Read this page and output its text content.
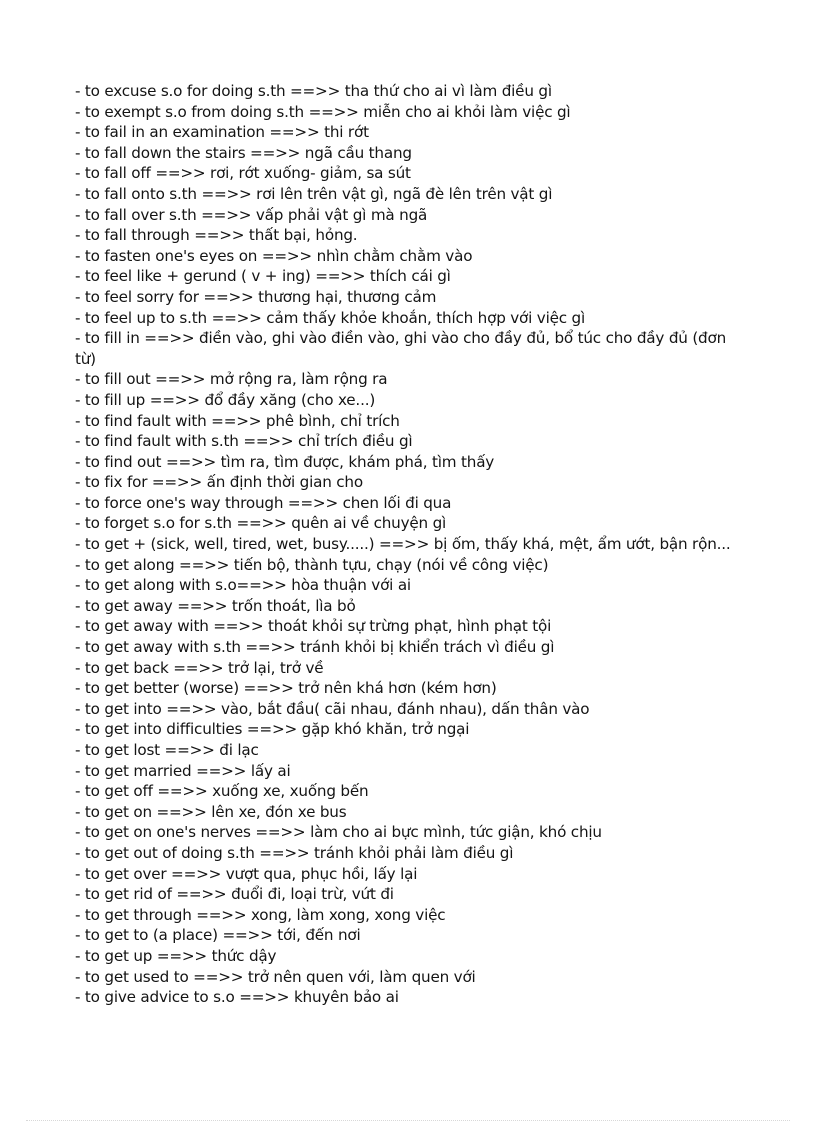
- to excuse s.o for doing s.th ==>> tha thứ cho ai vì làm điều gì
- to exempt s.o from doing s.th ==>> miễn cho ai khỏi làm việc gì
- to fail in an examination ==>> thi rớt
- to fall down the stairs ==>> ngã cầu thang
- to fall off ==>> rơi, rớt xuống- giảm, sa sút
- to fall onto s.th ==>> rơi lên trên vật gì, ngã đè lên trên vật gì
- to fall over s.th ==>> vấp phải vật gì mà ngã
- to fall through ==>> thất bại, hỏng.
- to fasten one's eyes on ==>> nhìn chằm chằm vào
- to feel like + gerund ( v + ing) ==>> thích cái gì
- to feel sorry for ==>> thương hại, thương cảm
- to feel up to s.th ==>> cảm thấy khỏe khoắn, thích hợp với việc gì
- to fill in ==>> điền vào, ghi vào điền vào, ghi vào cho đầy đủ, bổ túc cho đầy đủ (đơn từ)
- to fill out ==>> mở rộng ra, làm rộng ra
- to fill up ==>> đổ đầy xăng (cho xe...)
- to find fault with ==>> phê bình, chỉ trích
- to find fault with s.th ==>> chỉ trích điều gì
- to find out ==>> tìm ra, tìm được, khám phá, tìm thấy
- to fix for ==>> ấn định thời gian cho
- to force one's way through ==>> chen lối đi qua
- to forget s.o for s.th ==>> quên ai về chuyện gì
- to get + (sick, well, tired, wet, busy.....) ==>> bị ốm, thấy khá, mệt, ẩm ướt, bận rộn...
- to get along ==>> tiến bộ, thành tựu, chạy (nói về công việc)
- to get along with s.o==>> hòa thuận với ai
- to get away ==>> trốn thoát, lìa bỏ
- to get away with ==>> thoát khỏi sự trừng phạt, hình phạt tội
- to get away with s.th ==>> tránh khỏi bị khiển trách vì điều gì
- to get back ==>> trở lại, trở về
- to get better (worse) ==>> trở nên khá hơn (kém hơn)
- to get into ==>> vào, bắt đầu( cãi nhau, đánh nhau), dấn thân vào
- to get into difficulties ==>> gặp khó khăn, trở ngại
- to get lost ==>> đi lạc
- to get married ==>> lấy ai
- to get off ==>> xuống xe, xuống bến
- to get on ==>> lên xe, đón xe bus
- to get on one's nerves ==>> làm cho ai bực mình, tức giận, khó chịu
- to get out of doing s.th ==>> tránh khỏi phải làm điều gì
- to get over ==>> vượt qua, phục hồi, lấy lại
- to get rid of ==>> đuổi đi, loại trừ, vứt đi
- to get through ==>> xong, làm xong, xong việc
- to get to (a place) ==>> tới, đến nơi
- to get up ==>> thức dậy
- to get used to ==>> trở nên quen với, làm quen với
- to give advice to s.o ==>> khuyên bảo ai
